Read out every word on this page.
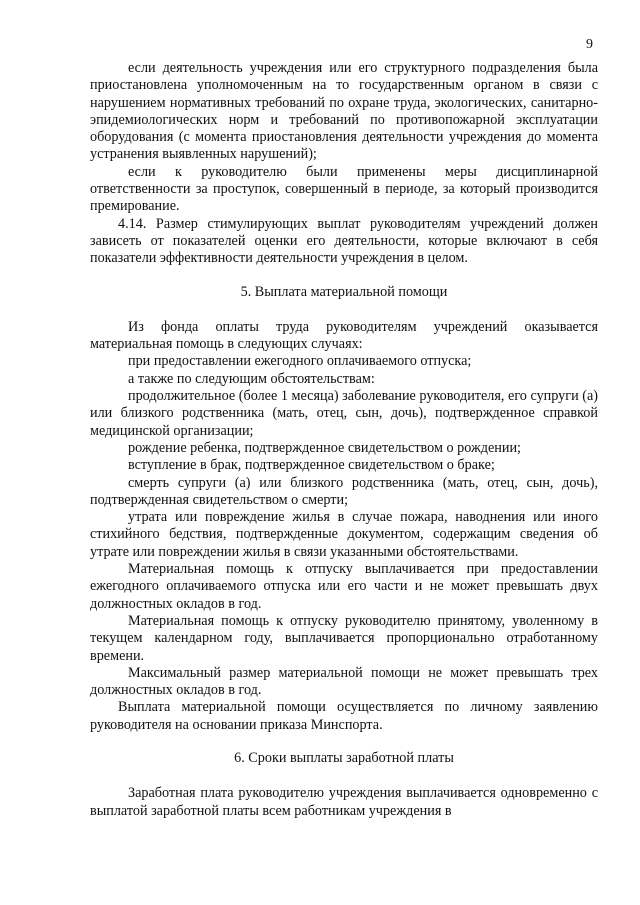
9

если деятельность учреждения или его структурного подразделения была приостановлена уполномоченным на то государственным органом в связи с нарушением нормативных требований по охране труда, экологических, санитарно-эпидемиологических норм и требований по противопожарной эксплуатации оборудования (с момента приостановления деятельности учреждения до момента устранения выявленных нарушений);

если к руководителю были применены меры дисциплинарной ответственности за проступок, совершенный в периоде, за который производится премирование.

4.14. Размер стимулирующих выплат руководителям учреждений должен зависеть от показателей оценки его деятельности, которые включают в себя показатели эффективности деятельности учреждения в целом.

5. Выплата материальной помощи

Из фонда оплаты труда руководителям учреждений оказывается материальная помощь в следующих случаях:

при предоставлении ежегодного оплачиваемого отпуска;

а также по следующим обстоятельствам:

продолжительное (более 1 месяца) заболевание руководителя, его супруги (а) или близкого родственника (мать, отец, сын, дочь), подтвержденное справкой медицинской организации;

рождение ребенка, подтвержденное свидетельством о рождении;

вступление в брак, подтвержденное свидетельством о браке;

смерть супруги (а) или близкого родственника (мать, отец, сын, дочь), подтвержденная свидетельством о смерти;

утрата или повреждение жилья в случае пожара, наводнения или иного стихийного бедствия, подтвержденные документом, содержащим сведения об утрате или повреждении жилья в связи указанными обстоятельствами.

Материальная помощь к отпуску выплачивается при предоставлении ежегодного оплачиваемого отпуска или его части и не может превышать двух должностных окладов в год.

Материальная помощь к отпуску руководителю принятому, уволенному в текущем календарном году, выплачивается пропорционально отработанному времени.

Максимальный размер материальной помощи не может превышать трех должностных окладов в год.

Выплата материальной помощи осуществляется по личному заявлению руководителя на основании приказа Минспорта.

6. Сроки выплаты заработной платы

Заработная плата руководителю учреждения выплачивается одновременно с выплатой заработной платы всем работникам учреждения в
